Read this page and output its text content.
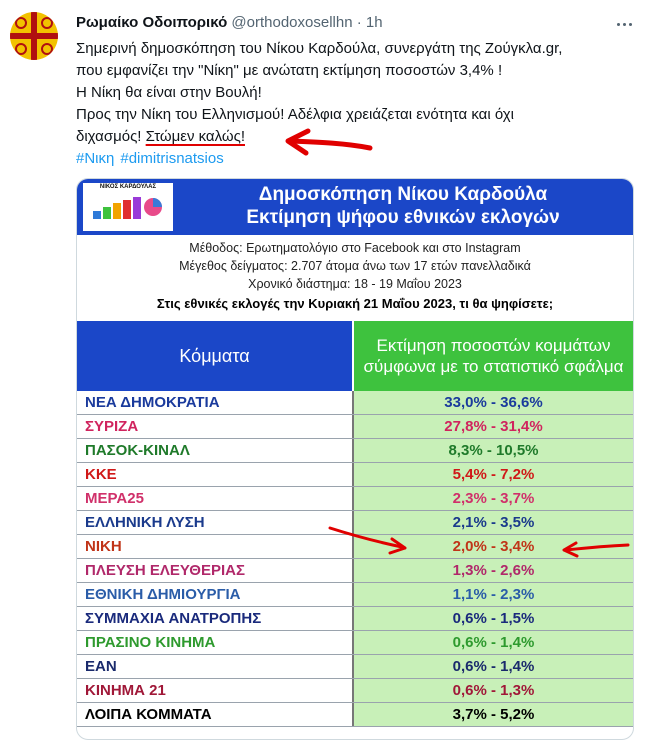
Ρωμαίκο Οδοιπορικό @orthodoxosellhn · 1h
Σημερινή δημοσκόπηση του Νίκου Καρδούλα, συνεργάτη της Ζούγκλα.gr,
που εμφανίζει την "Νίκη" με ανώτατη εκτίμηση ποσοστών 3,4% !
Η Νίκη θα είναι στην Βουλή!
Προς την Νίκη του Ελληνισμού! Αδέλφια χρειάζεται ενότητα και όχι
διχασμός! Στώμεν καλώς!
#Νικη #dimitrisnatsios
ΝΙΚΟΣ ΚΑΡΔΟΥΛΑΣ	Δημοσκόπηση Νίκου Καρδούλα
Εκτίμηση ψήφου εθνικών εκλογών
Μέθοδος: Ερωτηματολόγιο στο Facebook και στο Instagram
Μέγεθος δείγματος: 2.707 άτομα άνω των 17 ετών πανελλαδικά
Χρονικό διάστημα: 18 - 19 Μαΐου 2023
Στις εθνικές εκλογές την Κυριακή 21 Μαΐου 2023, τι θα ψηφίσετε;
Κόμματα	Εκτίμηση ποσοστών κομμάτων σύμφωνα με το στατιστικό σφάλμα
ΝΕΑ ΔΗΜΟΚΡΑΤΙΑ	33,0% - 36,6%
ΣΥΡΙΖΑ	27,8% - 31,4%
ΠΑΣΟΚ-ΚΙΝΑΛ	8,3% - 10,5%
ΚΚΕ	5,4% - 7,2%
ΜΕΡΑ25	2,3% - 3,7%
ΕΛΛΗΝΙΚΗ ΛΥΣΗ	2,1% - 3,5%
ΝΙΚΗ	2,0% - 3,4%
ΠΛΕΥΣΗ ΕΛΕΥΘΕΡΙΑΣ	1,3% - 2,6%
ΕΘΝΙΚΗ ΔΗΜΙΟΥΡΓΙΑ	1,1% - 2,3%
ΣΥΜΜΑΧΙΑ ΑΝΑΤΡΟΠΗΣ	0,6% - 1,5%
ΠΡΑΣΙΝΟ ΚΙΝΗΜΑ	0,6% - 1,4%
ΕΑΝ	0,6% - 1,4%
ΚΙΝΗΜΑ 21	0,6% - 1,3%
ΛΟΙΠΑ ΚΟΜΜΑΤΑ	3,7% - 5,2%
